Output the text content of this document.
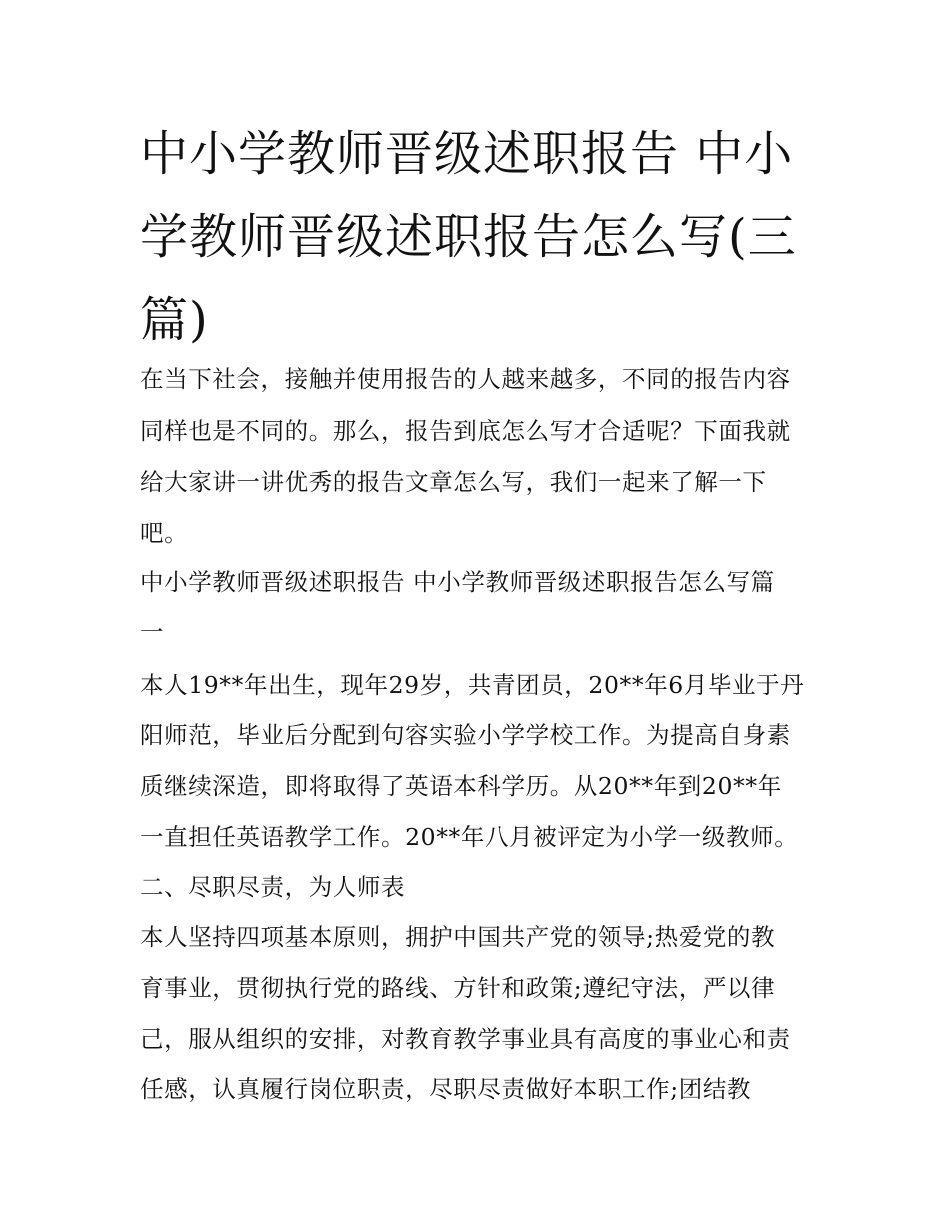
中小学教师晋级述职报告 中小
学教师晋级述职报告怎么写(三
篇)

在当下社会，接触并使用报告的人越来越多，不同的报告内容

同样也是不同的。那么，报告到底怎么写才合适呢？下面我就

给大家讲一讲优秀的报告文章怎么写，我们一起来了解一下

吧。

中小学教师晋级述职报告 中小学教师晋级述职报告怎么写篇

一

本人19**年出生，现年29岁，共青团员，20**年6月毕业于丹

阳师范，毕业后分配到句容实验小学学校工作。为提高自身素

质继续深造，即将取得了英语本科学历。从20**年到20**年

一直担任英语教学工作。20**年八月被评定为小学一级教师。

二、尽职尽责，为人师表

本人坚持四项基本原则，拥护中国共产党的领导;热爱党的教

育事业，贯彻执行党的路线、方针和政策;遵纪守法，严以律

己，服从组织的安排，对教育教学事业具有高度的事业心和责

任感，认真履行岗位职责，尽职尽责做好本职工作;团结教
